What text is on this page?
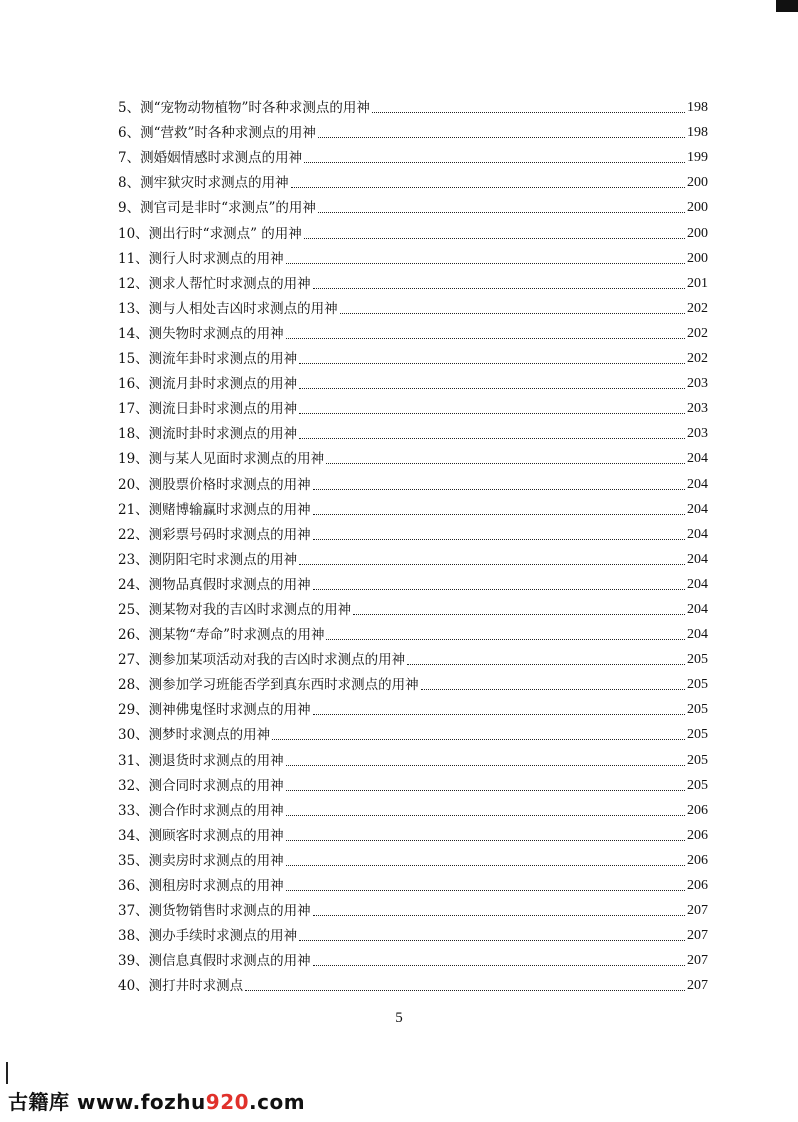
5、测“宠物动物植物”时各种求测点的用神	198
6、测“营救”时各种求测点的用神	198
7、测婚姻情感时求测点的用神	199
8、测牢狱灾时求测点的用神	200
9、测官司是非时“求测点”的用神	200
10、测出行时“求测点” 的用神	200
11、测行人时求测点的用神	200
12、测求人帮忙时求测点的用神	201
13、测与人相处吉凶时求测点的用神	202
14、测失物时求测点的用神	202
15、测流年卦时求测点的用神	202
16、测流月卦时求测点的用神	203
17、测流日卦时求测点的用神	203
18、测流时卦时求测点的用神	203
19、测与某人见面时求测点的用神	204
20、测股票价格时求测点的用神	204
21、测赌博输赢时求测点的用神	204
22、测彩票号码时求测点的用神	204
23、测阴阳宅时求测点的用神	204
24、测物品真假时求测点的用神	204
25、测某物对我的吉凶时求测点的用神	204
26、测某物“寿命”时求测点的用神	204
27、测参加某项活动对我的吉凶时求测点的用神	205
28、测参加学习班能否学到真东西时求测点的用神	205
29、测神佛鬼怪时求测点的用神	205
30、测梦时求测点的用神	205
31、测退货时求测点的用神	205
32、测合同时求测点的用神	205
33、测合作时求测点的用神	206
34、测顾客时求测点的用神	206
35、测卖房时求测点的用神	206
36、测租房时求测点的用神	206
37、测货物销售时求测点的用神	207
38、测办手续时求测点的用神	207
39、测信息真假时求测点的用神	207
40、测打井时求测点	207
5
古籍库 www.fozhu920.com
